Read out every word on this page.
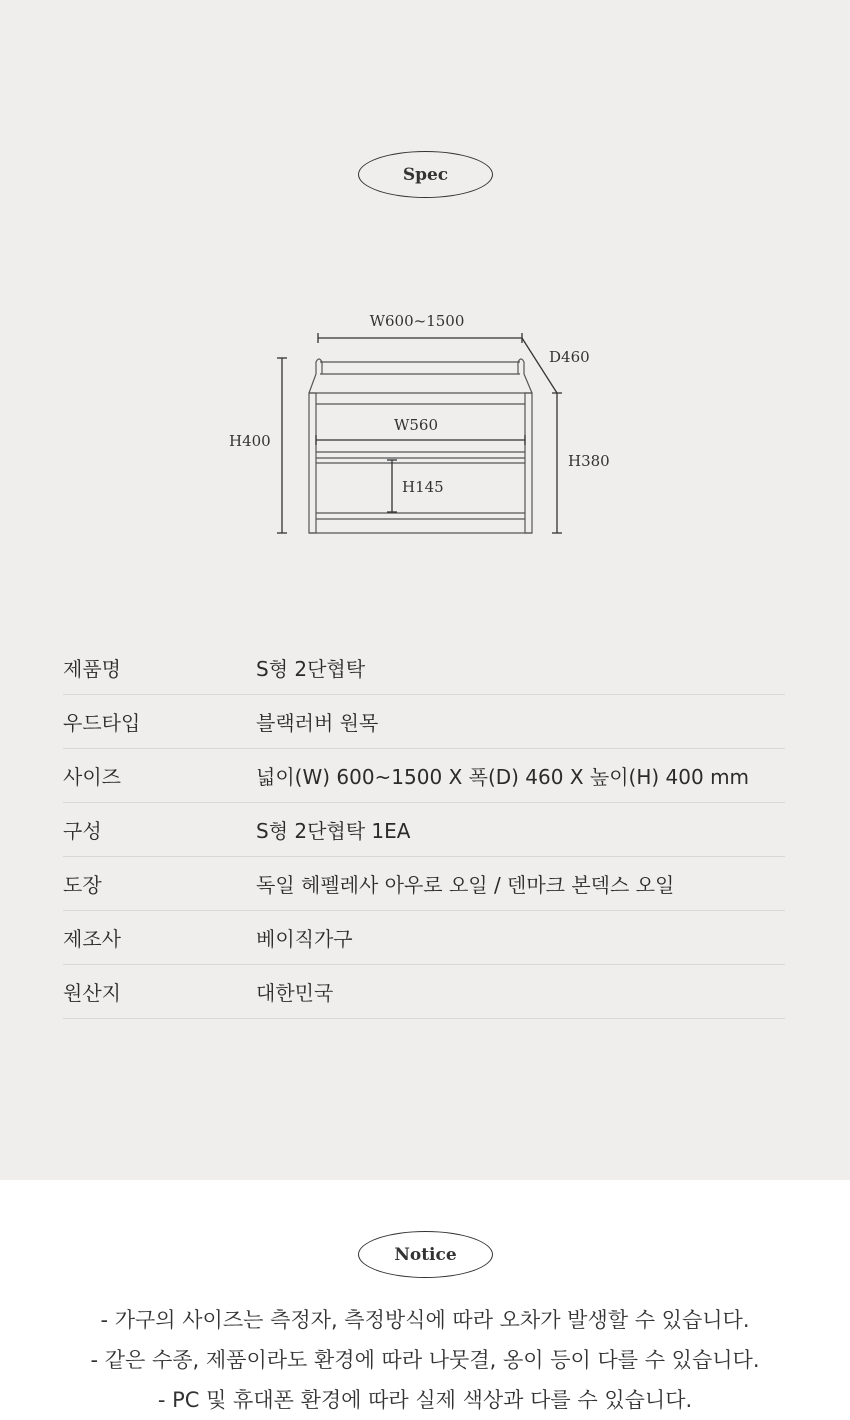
Spec
W600~1500
D460
H400
H380
W560
H145
제품명	S형 2단협탁
우드타입	블랙러버 원목
사이즈	넓이(W) 600~1500 X 폭(D) 460 X 높이(H) 400 mm
구성	S형 2단협탁 1EA
도장	독일 헤펠레사 아우로 오일 / 덴마크 본덱스 오일
제조사	베이직가구
원산지	대한민국
Notice
- 가구의 사이즈는 측정자, 측정방식에 따라 오차가 발생할 수 있습니다.
- 같은 수종, 제품이라도 환경에 따라 나뭇결, 옹이 등이 다를 수 있습니다.
- PC 및 휴대폰 환경에 따라 실제 색상과 다를 수 있습니다.
